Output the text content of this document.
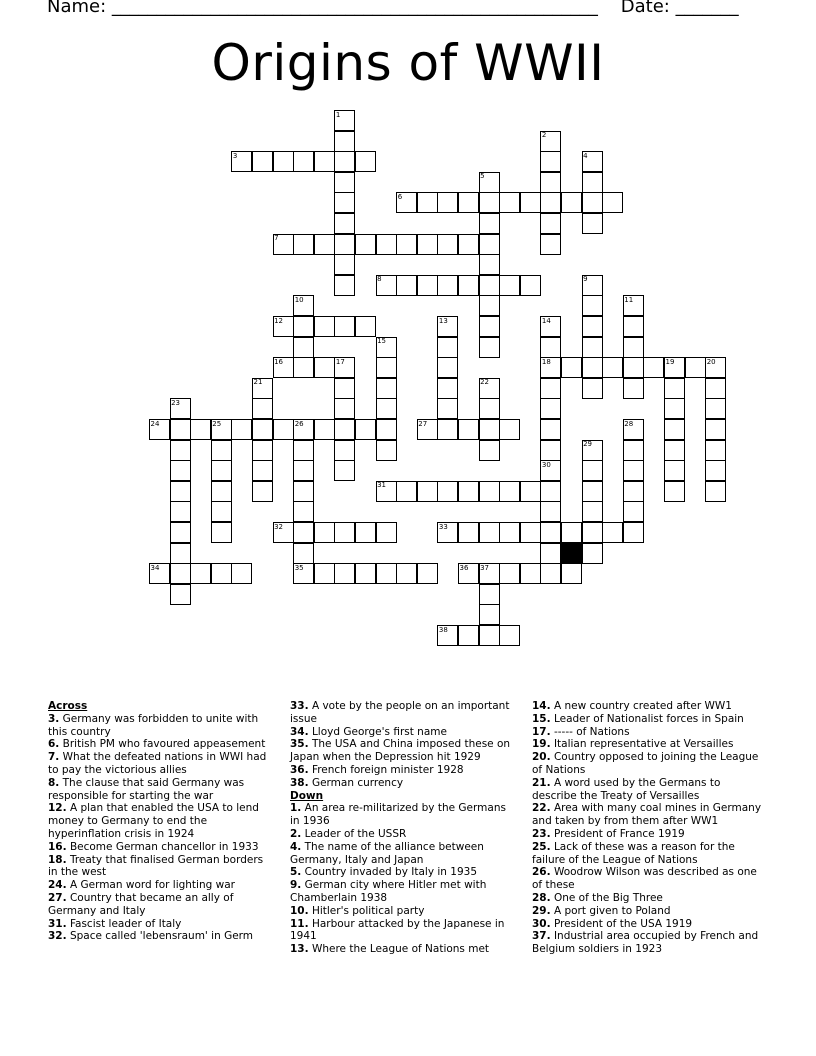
Name: ______________________________________________________ Date: _______
Origins of WWII
1
2
3	4
5
6
7
8	9
10	11
12	13	14
15
16	17	18	19	20
21	22
23
24	25	26	27	28
29
30
31
32	33
34	35	36 37
38
Across
3. Germany was forbidden to unite with this country
6. British PM who favoured appeasement
7. What the defeated nations in WWI had to pay the victorious allies
8. The clause that said Germany was responsible for starting the war
12. A plan that enabled the USA to lend money to Germany to end the hyperinflation crisis in 1924
16. Become German chancellor in 1933
18. Treaty that finalised German borders in the west
24. A German word for lighting war
27. Country that became an ally of Germany and Italy
31. Fascist leader of Italy
32. Space called 'lebensraum' in Germ
33. A vote by the people on an important issue
34. Lloyd George's first name
35. The USA and China imposed these on Japan when the Depression hit 1929
36. French foreign minister 1928
38. German currency
Down
1. An area re-militarized by the Germans in 1936
2. Leader of the USSR
4. The name of the alliance between Germany, Italy and Japan
5. Country invaded by Italy in 1935
9. German city where Hitler met with Chamberlain 1938
10. Hitler's political party
11. Harbour attacked by the Japanese in 1941
13. Where the League of Nations met
14. A new country created after WW1
15. Leader of Nationalist forces in Spain
17. ----- of Nations
19. Italian representative at Versailles
20. Country opposed to joining the League of Nations
21. A word used by the Germans to describe the Treaty of Versailles
22. Area with many coal mines in Germany and taken by from them after WW1
23. President of France 1919
25. Lack of these was a reason for the failure of the League of Nations
26. Woodrow Wilson was described as one of these
28. One of the Big Three
29. A port given to Poland
30. President of the USA 1919
37. Industrial area occupied by French and Belgium soldiers in 1923
